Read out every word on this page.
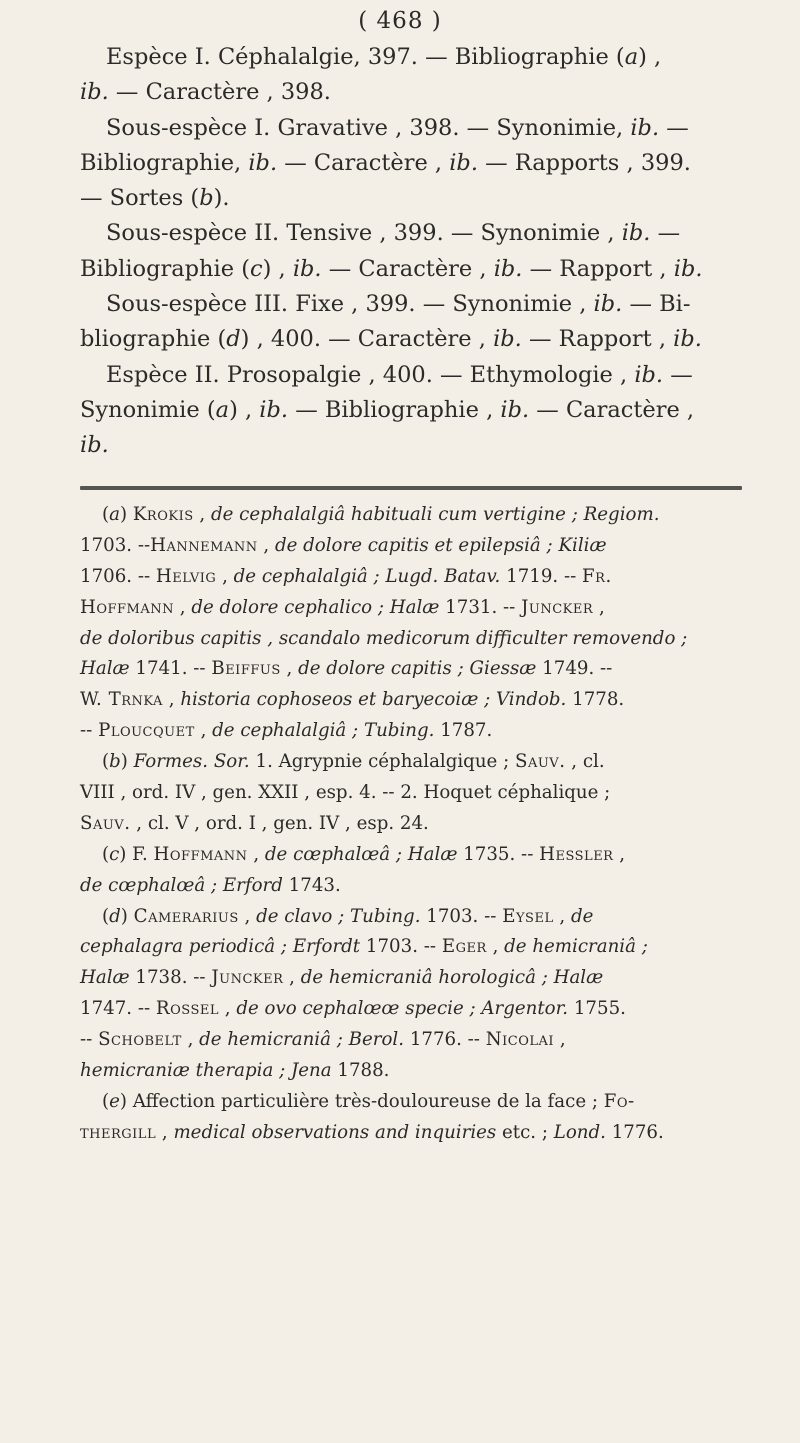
( 468 )
Espèce I. Céphalalgie, 397. — Bibliographie (a) ,
ib. — Caractère , 398.
Sous-espèce I. Gravative , 398. — Synonimie, ib. —
Bibliographie, ib. — Caractère , ib. — Rapports , 399.
— Sortes (b).
Sous-espèce II. Tensive , 399. — Synonimie , ib. —
Bibliographie (c) , ib. — Caractère , ib. — Rapport , ib.
Sous-espèce III. Fixe , 399. — Synonimie , ib. — Bi-
bliographie (d) , 400. — Caractère , ib. — Rapport , ib.
Espèce II. Prosopalgie , 400. — Ethymologie , ib. —
Synonimie (a) , ib. — Bibliographie , ib. — Caractère ,
ib.
(a) Krokis , de cephalalgiâ habituali cum vertigine ; Regiom.
1703. --Hannemann , de dolore capitis et epilepsiâ ; Kiliæ
1706. -- Helvig , de cephalalgiâ ; Lugd. Batav. 1719. -- Fr.
Hoffmann , de dolore cephalico ; Halæ 1731. -- Juncker ,
de doloribus capitis , scandalo medicorum difficulter removendo ;
Halæ 1741. -- Beiffus , de dolore capitis ; Giessæ 1749. --
W. Trnka , historia cophoseos et baryecoiæ ; Vindob. 1778.
-- Ploucquet , de cephalalgiâ ; Tubing. 1787.
(b) Formes. Sor. 1. Agrypnie céphalalgique ; Sauv. , cl.
VIII , ord. IV , gen. XXII , esp. 4. -- 2. Hoquet céphalique ;
Sauv. , cl. V , ord. I , gen. IV , esp. 24.
(c) F. Hoffmann , de cœphalœâ ; Halæ 1735. -- Hessler ,
de cœphalœâ ; Erford 1743.
(d) Camerarius , de clavo ; Tubing. 1703. -- Eysel , de
cephalagra periodicâ ; Erfordt 1703. -- Eger , de hemicraniâ ;
Halæ 1738. -- Juncker , de hemicraniâ horologicâ ; Halæ
1747. -- Rossel , de ovo cephalœœ specie ; Argentor. 1755.
-- Schobelt , de hemicraniâ ; Berol. 1776. -- Nicolai ,
hemicraniæ therapia ; Jena 1788.
(e) Affection particulière très-douloureuse de la face ; Fo-
thergill , medical observations and inquiries etc. ; Lond. 1776.
